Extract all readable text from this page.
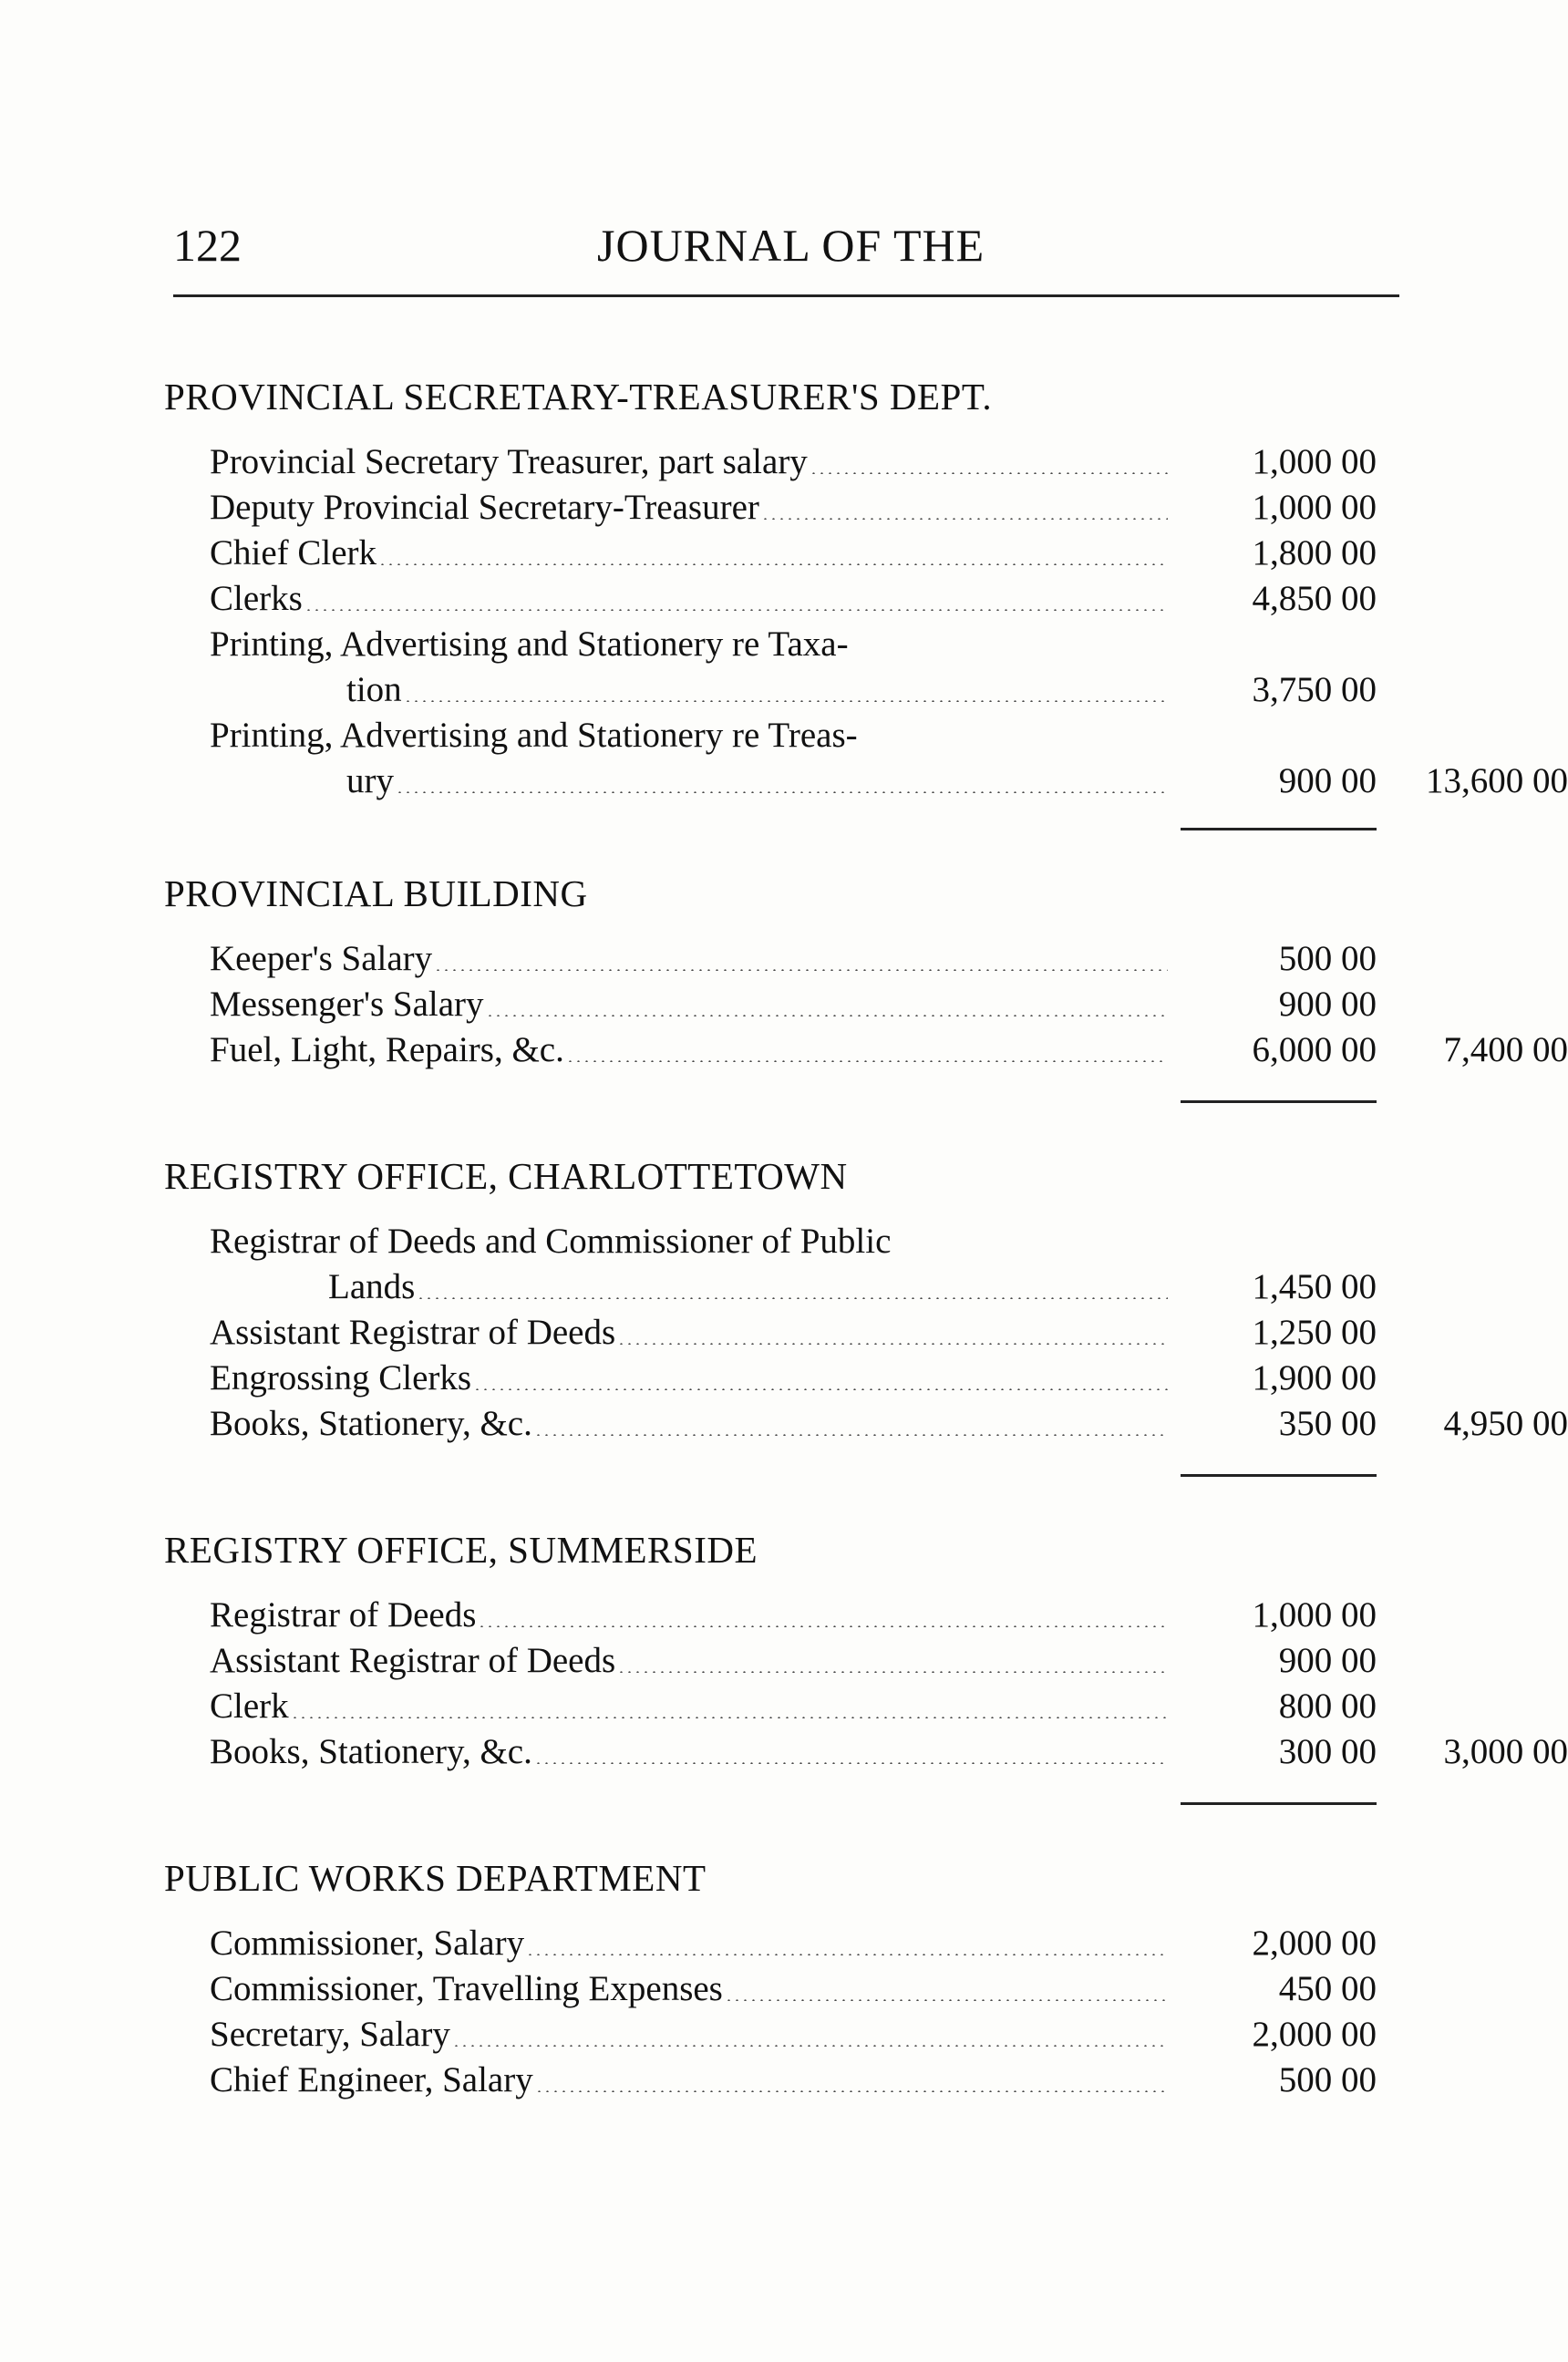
122	JOURNAL OF THE
PROVINCIAL SECRETARY-TREASURER'S DEPT.
Provincial Secretary Treasurer, part salary	1,000 00
Deputy Provincial Secretary-Treasurer	1,000 00
Chief Clerk	1,800 00
Clerks	4,850 00
Printing, Advertising and Stationery re Taxa-
tion	3,750 00
Printing, Advertising and Stationery re Treas-
ury	900 00	13,600 00
PROVINCIAL BUILDING
Keeper's Salary	500 00
Messenger's Salary	900 00
Fuel, Light, Repairs, &c.	6,000 00	7,400 00
REGISTRY OFFICE, CHARLOTTETOWN
Registrar of Deeds and Commissioner of Public
Lands	1,450 00
Assistant Registrar of Deeds	1,250 00
Engrossing Clerks	1,900 00
Books, Stationery, &c.	350 00	4,950 00
REGISTRY OFFICE, SUMMERSIDE
Registrar of Deeds	1,000 00
Assistant Registrar of Deeds	900 00
Clerk	800 00
Books, Stationery, &c.	300 00	3,000 00
PUBLIC WORKS DEPARTMENT
Commissioner, Salary	2,000 00
Commissioner, Travelling Expenses	450 00
Secretary, Salary	2,000 00
Chief Engineer, Salary	500 00
